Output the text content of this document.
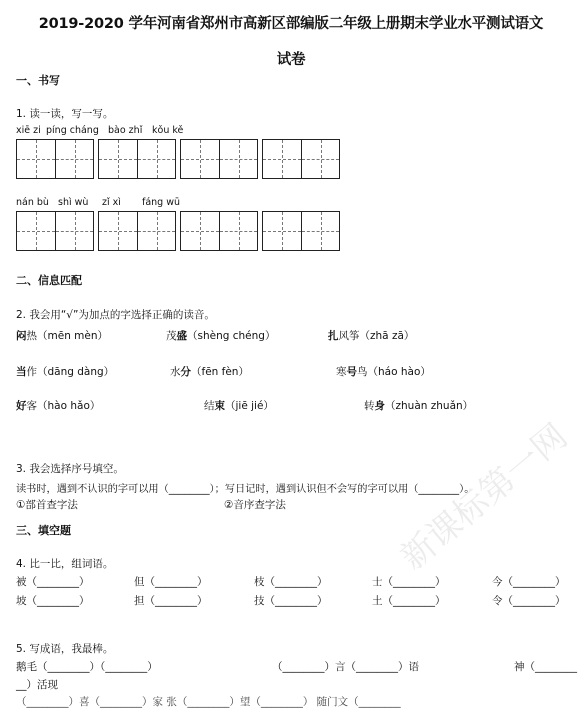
2019-2020 学年河南省郑州市高新区部编版二年级上册期末学业水平测试语文
试卷
一、书写
1. 读一读，写一写。
xiē zi píng cháng bào zhǐ kǒu kě
nán bù shì wù zǐ xì fáng wū
二、信息匹配
2. 我会用“√”为加点的字选择正确的读音。
闷热（mēn mèn）	茂盛（shèng chéng）	扎风筝（zhā zā）
当作（dāng dàng）	水分（fēn fèn）	寒号鸟（háo hào）
好客（hào hǎo）	结束（jiē jié）	转身（zhuàn zhuǎn）
3. 我会选择序号填空。
读书时，遇到不认识的字可以用（________）；写日记时，遇到认识但不会写的字可以用（________）。
①部首查字法	②音序查字法
三、填空题
4. 比一比，组词语。
被（________）	但（________）	枝（________）	士（________）	今（________）
坡（________）	担（________）	技（________）	土（________）	令（________）
5. 写成语，我最棒。
鹅毛（________）（________）	（________）言（________）语	神（________
__）活现
（________）喜（________）家 张（________）望（________） 随门文（________
新课标第一网
